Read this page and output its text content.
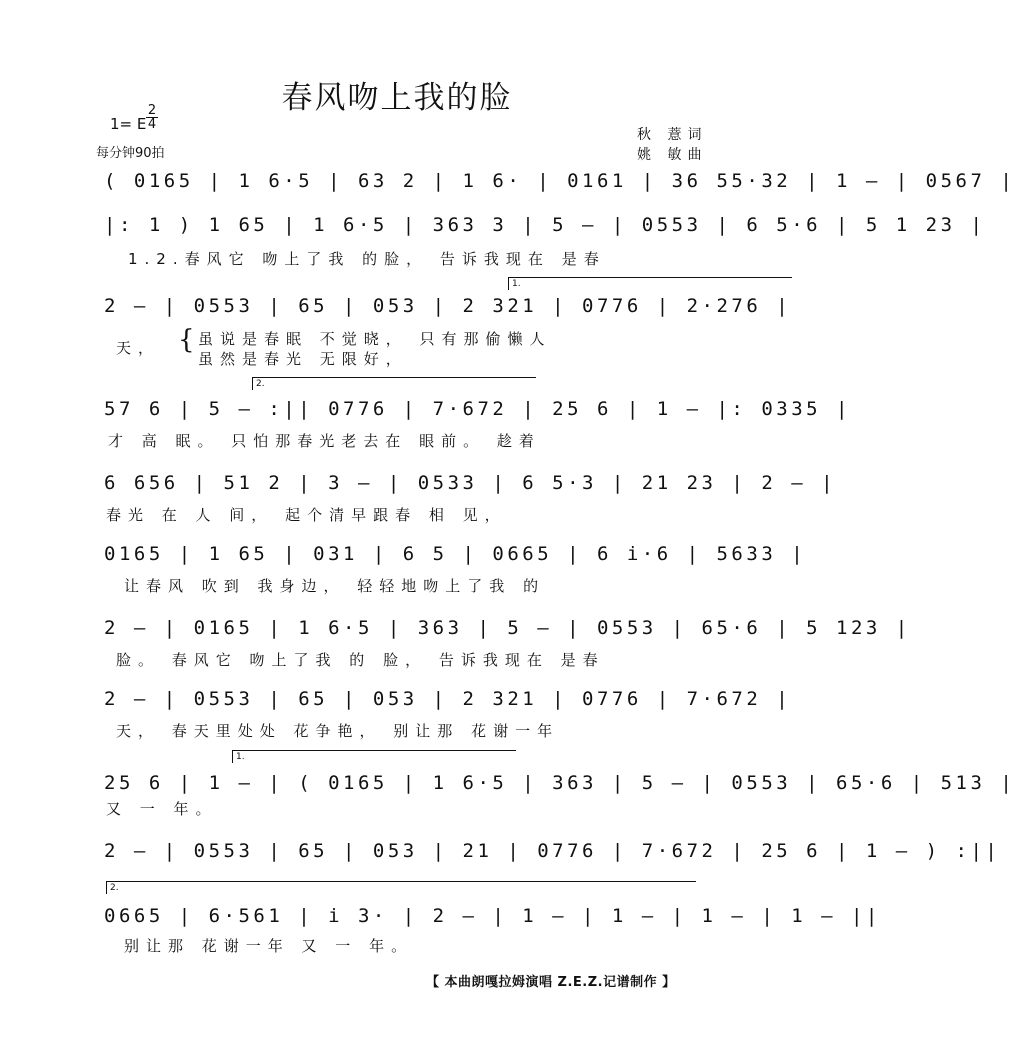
春风吻上我的脸
1= E
2
4
每分钟90拍
秋 薏词
姚 敏曲
( 0165 | 1 6·5 | 63 2 | 1 6· | 0161 | 36 55·32 | 1 – | 0567 |
|: 1 ) 1 65 | 1 6·5 | 363 3 | 5 – | 0553 | 6 5·6 | 5 1 23 |
1.2.春风它 吻上了我 的脸， 告诉我现在 是春
1.
2 – | 0553 | 65 | 053 | 2 321 | 0776 | 2·276 |
天， { 虽说是春眠 不觉晓， 只有那偷懒人
虽然是春光 无限好，
2.
57 6 | 5 – :|| 0776 | 7·672 | 25 6 | 1 – |: 0335 |
才 高 眠。 只怕那春光老去在 眼前。 趁着
6 656 | 51 2 | 3 – | 0533 | 6 5·3 | 21 23 | 2 – |
春光 在 人 间， 起个清早跟春 相 见，
0165 | 1 65 | 031 | 6 5 | 0665 | 6 i·6 | 5633 |
让春风 吹到 我身边， 轻轻地吻上了我 的
2 – | 0165 | 1 6·5 | 363 | 5 – | 0553 | 65·6 | 5 123 |
脸。 春风它 吻上了我 的 脸， 告诉我现在 是春
2 – | 0553 | 65 | 053 | 2 321 | 0776 | 7·672 |
天， 春天里处处 花争艳， 别让那 花谢一年
1.
25 6 | 1 – | ( 0165 | 1 6·5 | 363 | 5 – | 0553 | 65·6 | 513 |
又 一 年。
2 – | 0553 | 65 | 053 | 21 | 0776 | 7·672 | 25 6 | 1 – ) :||
2.
0665 | 6·561 | i 3· | 2 – | 1 – | 1 – | 1 – | 1 – ||
别让那 花谢一年 又 一 年。
【 本曲朗嘎拉姆演唱 Z.E.Z.记谱制作 】
